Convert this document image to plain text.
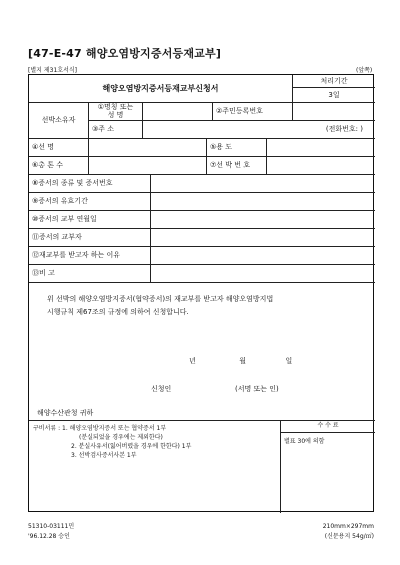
[47-E-47 해양오염방지증서등재교부]
[별지 제31호서식]	(앞쪽)
해양오염방지증서등재교부신청서
처리기간
3일
선박소유자
①명칭 또는
성 명	②주민등록번호
③주 소	(전화번호: )
④선 명	⑤용 도
⑥총 톤 수	⑦선 박 번 호
⑧증서의 종류 및 증서번호
⑨증서의 유효기간
⑩증서의 교부 연월일
⑪증서의 교부자
⑫재교부를 받고자 하는 이유
⑬비 고
위 선박의 해양오염방지증서(협약증서)의 재교부를 받고자 해양오염방지법
시행규칙 제67조의 규정에 의하여 신청합니다.
년	월	일
신청인	(서명 또는 인)
해양수산관청 귀하
구비서류 : 1. 해양오염방지증서 또는 협약증서 1부
(분실되었을 경우에는 제외한다)
2. 분실사유서(잃어버렸을 경우에 한한다) 1부
3. 선박검사증서사본 1부
수 수 료
별표 30에 의함
51310-03111민
'96.12.28 승인
210mm×297mm
(신문용지 54g/㎡)
